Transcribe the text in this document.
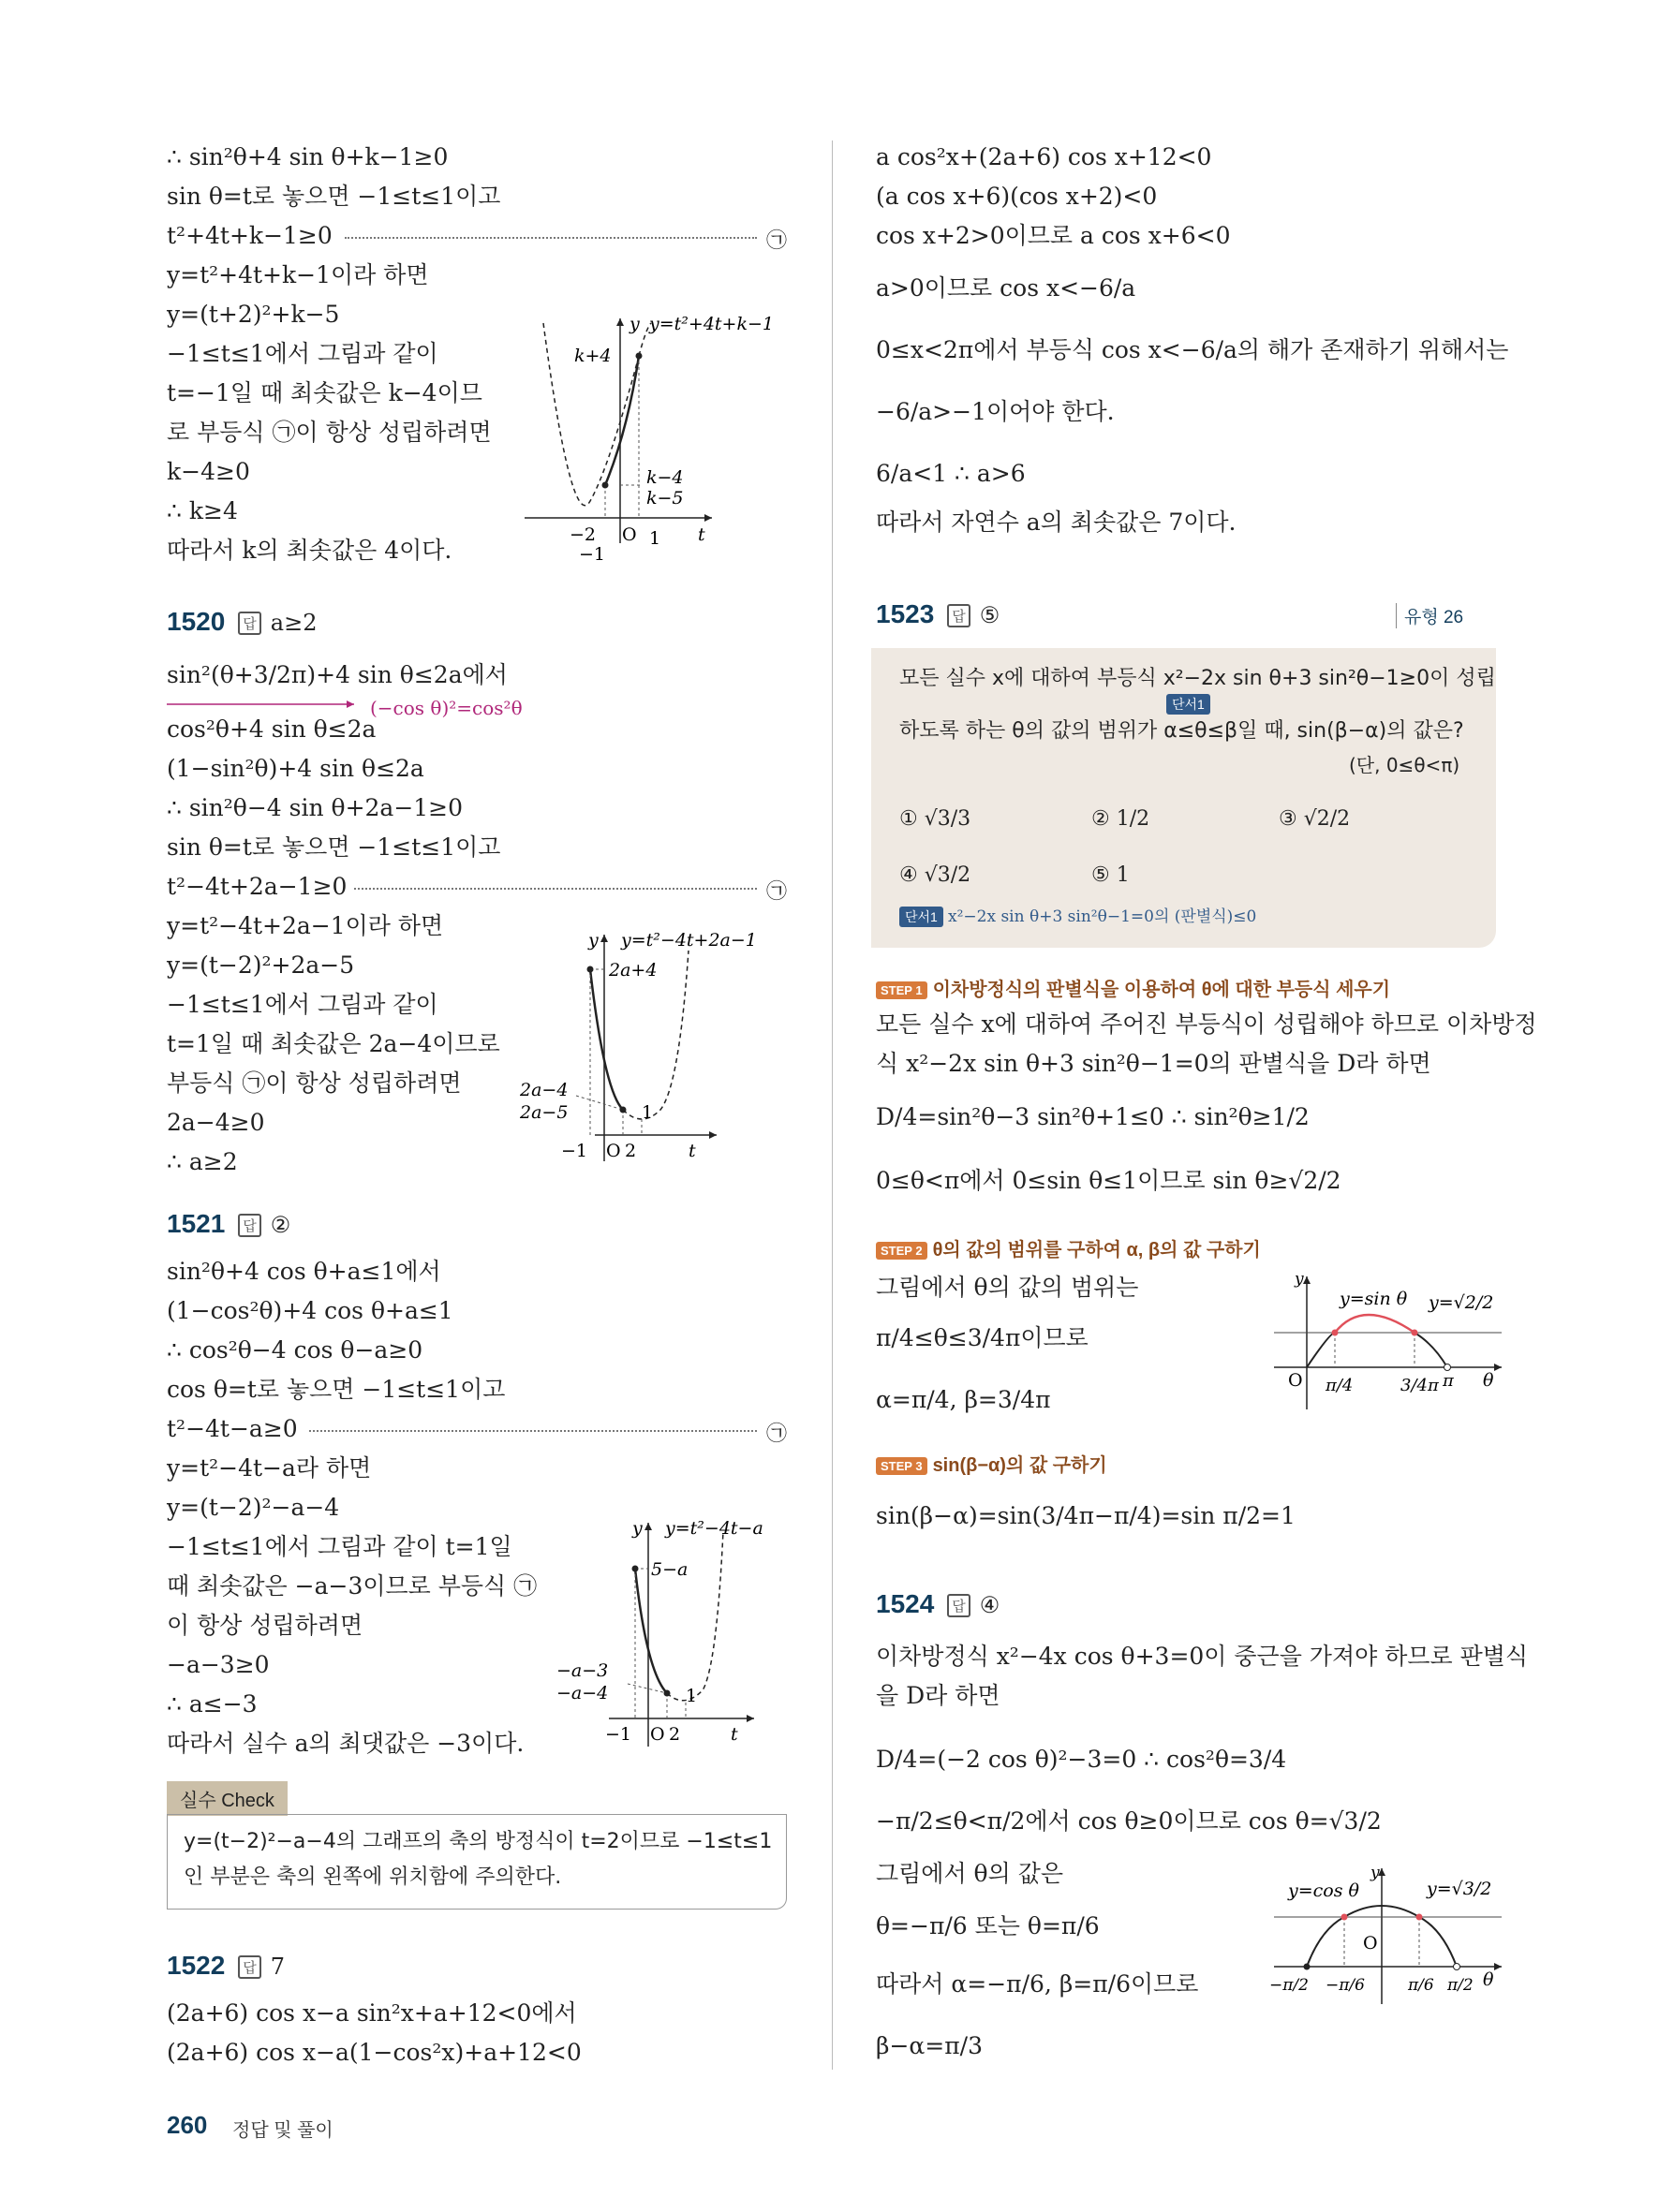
∴ sin²θ+4 sin θ+k−1≥0
sin θ=t로 놓으면 −1≤t≤1이고
t²+4t+k−1≥0	㉠
y=t²+4t+k−1이라 하면
y=(t+2)²+k−5
−1≤t≤1에서 그림과 같이
t=−1일 때 최솟값은 k−4이므
로 부등식 ㉠이 항상 성립하려면
k−4≥0
∴ k≥4
따라서 k의 최솟값은 4이다.
y y=t²+4t+k−1
k+4
k−4
k−5
−2
−1
O 1 t
1520 답 a≥2
sin²(θ+3/2π)+4 sin θ≤2a에서
(−cos θ)²=cos²θ
cos²θ+4 sin θ≤2a
(1−sin²θ)+4 sin θ≤2a
∴ sin²θ−4 sin θ+2a−1≥0
sin θ=t로 놓으면 −1≤t≤1이고
t²−4t+2a−1≥0	㉠
y=t²−4t+2a−1이라 하면
y=(t−2)²+2a−5
−1≤t≤1에서 그림과 같이
t=1일 때 최솟값은 2a−4이므로
부등식 ㉠이 항상 성립하려면
2a−4≥0
∴ a≥2
y y=t²−4t+2a−1
2a+4
2a−4
2a−5	1
−1 O 2	t
1521 답 ②
sin²θ+4 cos θ+a≤1에서
(1−cos²θ)+4 cos θ+a≤1
∴ cos²θ−4 cos θ−a≥0
cos θ=t로 놓으면 −1≤t≤1이고
t²−4t−a≥0	㉠
y=t²−4t−a라 하면
y=(t−2)²−a−4
−1≤t≤1에서 그림과 같이 t=1일
때 최솟값은 −a−3이므로 부등식 ㉠
이 항상 성립하려면
−a−3≥0
∴ a≤−3
따라서 실수 a의 최댓값은 −3이다.
y y=t²−4t−a
5−a
−a−3
−a−4	1
−1 O 2	t
실수 Check
y=(t−2)²−a−4의 그래프의 축의 방정식이 t=2이므로 −1≤t≤1
인 부분은 축의 왼쪽에 위치함에 주의한다.
1522 답 7
(2a+6) cos x−a sin²x+a+12<0에서
(2a+6) cos x−a(1−cos²x)+a+12<0
a cos²x+(2a+6) cos x+12<0
(a cos x+6)(cos x+2)<0
cos x+2>0이므로 a cos x+6<0
a>0이므로 cos x<−6/a
0≤x<2π에서 부등식 cos x<−6/a의 해가 존재하기 위해서는
−6/a>−1이어야 한다.
6/a<1 ∴ a>6
따라서 자연수 a의 최솟값은 7이다.
1523 답 ⑤	유형 26
모든 실수 x에 대하여 부등식 x²−2x sin θ+3 sin²θ−1≥0이 성립
단서1
하도록 하는 θ의 값의 범위가 α≤θ≤β일 때, sin(β−α)의 값은?
(단, 0≤θ<π)
① √3/3	② 1/2	③ √2/2
④ √3/2	⑤ 1
단서1 x²−2x sin θ+3 sin²θ−1=0의 (판별식)≤0
STEP 1 이차방정식의 판별식을 이용하여 θ에 대한 부등식 세우기
모든 실수 x에 대하여 주어진 부등식이 성립해야 하므로 이차방정
식 x²−2x sin θ+3 sin²θ−1=0의 판별식을 D라 하면
D/4=sin²θ−3 sin²θ+1≤0 ∴ sin²θ≥1/2
0≤θ<π에서 0≤sin θ≤1이므로 sin θ≥√2/2
STEP 2 θ의 값의 범위를 구하여 α, β의 값 구하기
그림에서 θ의 값의 범위는
π/4≤θ≤3/4π이므로
α=π/4, β=3/4π
y
y=sin θ y=√2/2
O π/4	3/4π π θ
STEP 3 sin(β−α)의 값 구하기
sin(β−α)=sin(3/4π−π/4)=sin π/2=1
1524 답 ④
이차방정식 x²−4x cos θ+3=0이 중근을 가져야 하므로 판별식
을 D라 하면
D/4=(−2 cos θ)²−3=0 ∴ cos²θ=3/4
−π/2≤θ<π/2에서 cos θ≥0이므로 cos θ=√3/2
그림에서 θ의 값은
θ=−π/6 또는 θ=π/6
따라서 α=−π/6, β=π/6이므로
β−α=π/3
y
y=cos θ	y=√3/2
O
−π/2 −π/6	π/6 π/2 θ
260 정답 및 풀이
